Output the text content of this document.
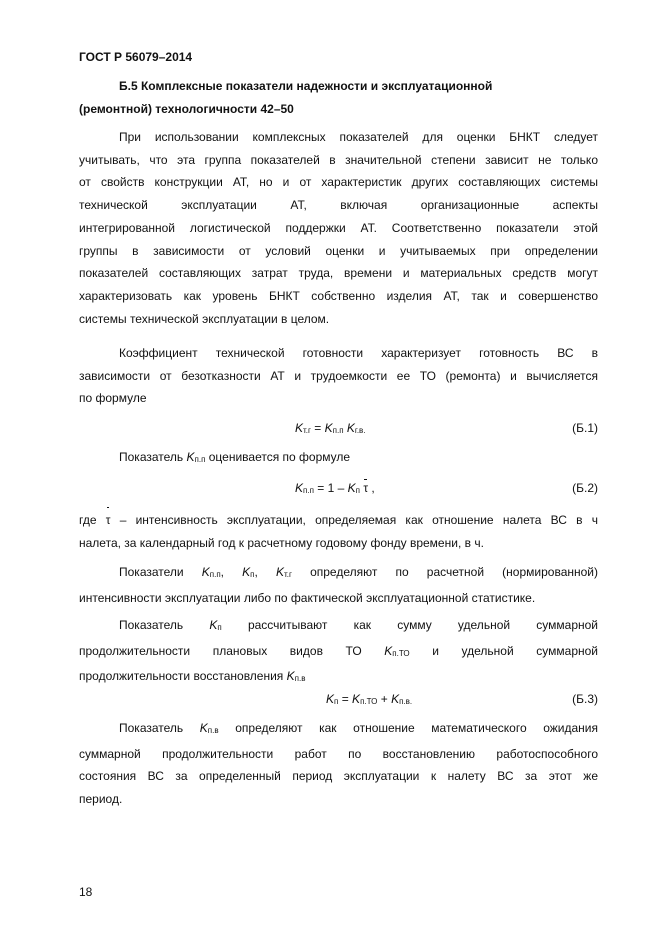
ГОСТ Р 56079–2014
Б.5 Комплексные показатели надежности и эксплуатационной
(ремонтной) технологичности 42–50
При использовании комплексных показателей для оценки БНКТ следует
учитывать, что эта группа показателей в значительной степени зависит не только
от свойств конструкции АТ, но и от характеристик других составляющих системы
технической эксплуатации АТ, включая организационные аспекты
интегрированной логистической поддержки АТ. Соответственно показатели этой
группы в зависимости от условий оценки и учитываемых при определении
показателей составляющих затрат труда, времени и материальных средств могут
характеризовать как уровень БНКТ собственно изделия АТ, так и совершенство
системы технической эксплуатации в целом.
Коэффициент технической готовности характеризует готовность ВС в
зависимости от безотказности АТ и трудоемкости ее ТО (ремонта) и вычисляется
по формуле
$K_{т.г} = K_{п.п}$ $K_{г.в.}$	(Б.1)
Показатель $K_{п.п}$ оценивается по формуле
$K_{п.п} = 1 - K_п$ τ ,	(Б.2)
где τ – интенсивность эксплуатации, определяемая как отношение налета ВС в ч
налета, за календарный год к расчетному годовому фонду времени, в ч.
Показатели $K_{п.п}$, $K_п$, $K_{т.г}$ определяют по расчетной (нормированной)
интенсивности эксплуатации либо по фактической эксплуатационной статистике.
Показатель $K_п$ рассчитывают как сумму удельной суммарной
продолжительности плановых видов ТО $K_{п.ТО}$ и удельной суммарной
продолжительности восстановления $K_{п.в}$
$K_п = K_{п.ТО} + K_{п.в.}$	(Б.3)
Показатель $K_{п.в}$ определяют как отношение математического ожидания
суммарной продолжительности работ по восстановлению работоспособного
состояния ВС за определенный период эксплуатации к налету ВС за этот же
период.
18
